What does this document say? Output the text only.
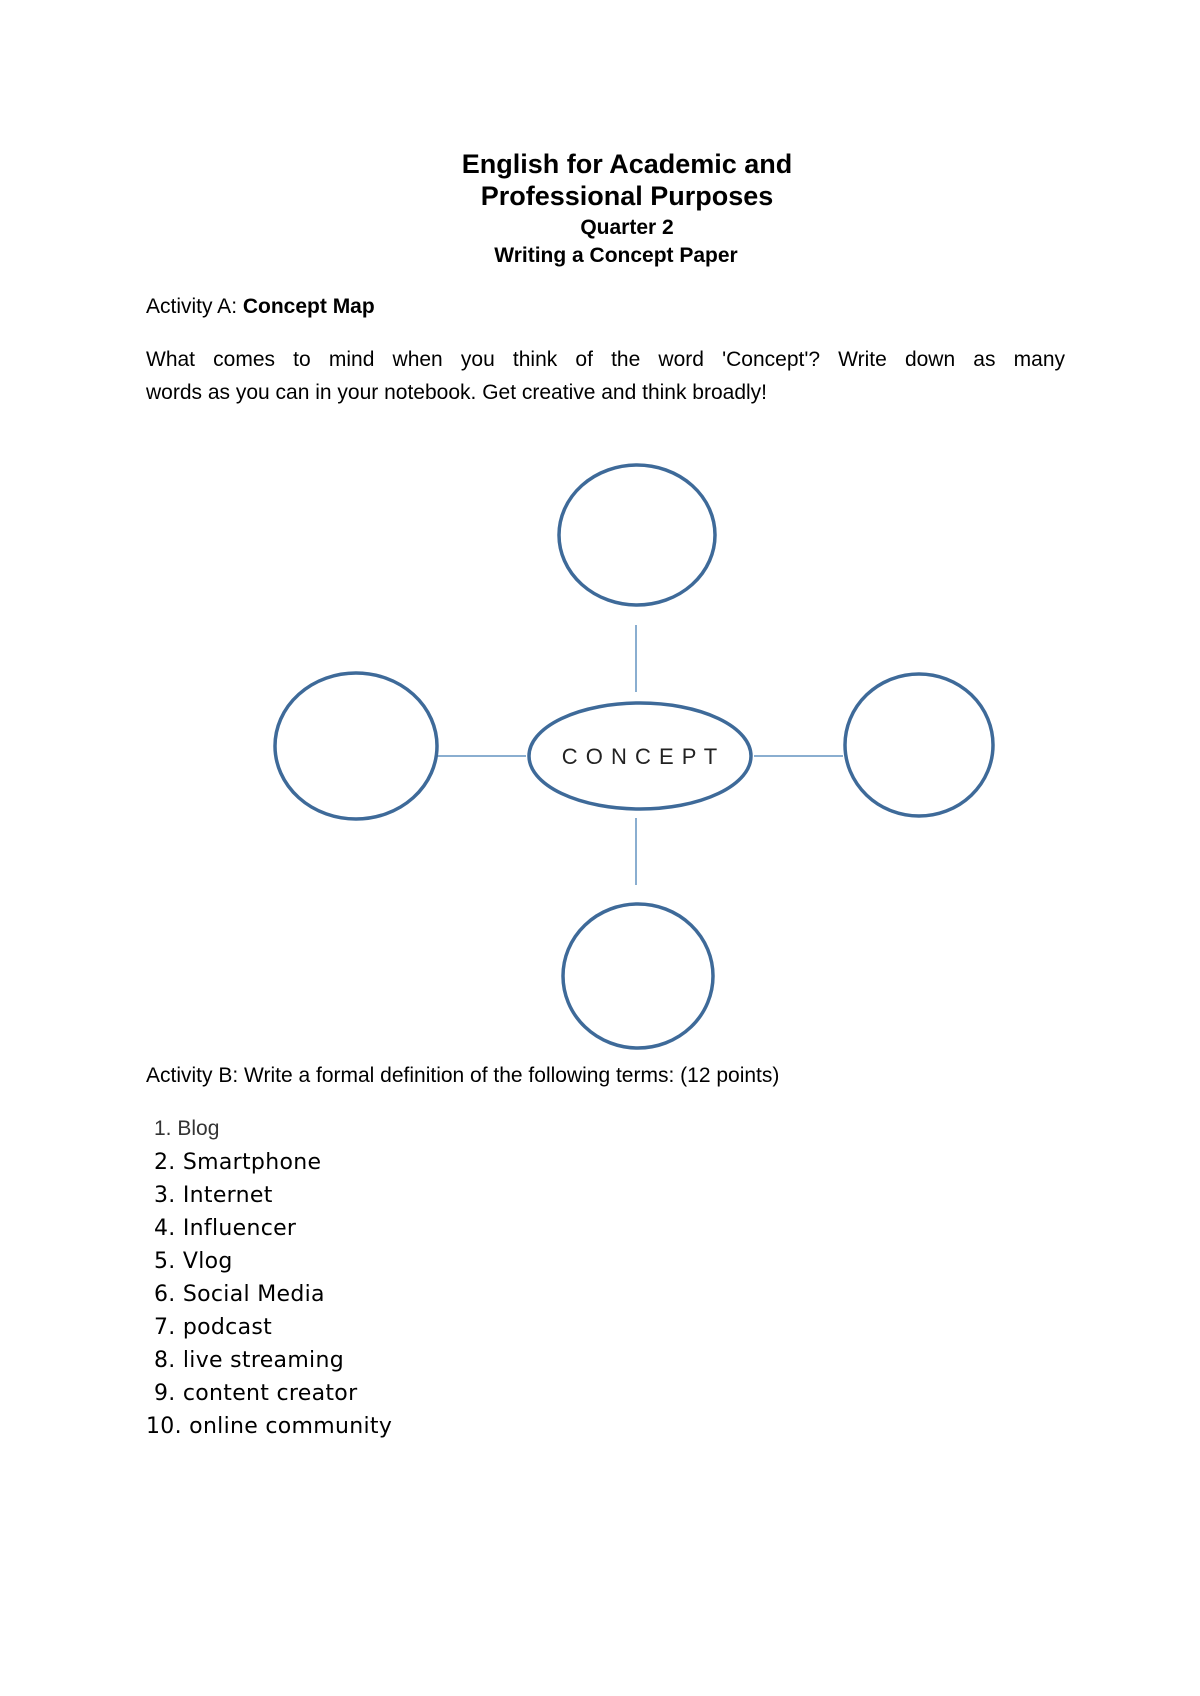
English for Academic and
Professional Purposes
Quarter 2
Writing a Concept Paper
Activity A: Concept Map
What comes to mind when you think of the word 'Concept'? Write down as many
words as you can in your notebook. Get creative and think broadly!
C O N C E P T
Activity B: Write a formal definition of the following terms: (12 points)
1. Blog
2. Smartphone
3. Internet
4. Influencer
5. Vlog
6. Social Media
7. podcast
8. live streaming
9. content creator
10. online community
